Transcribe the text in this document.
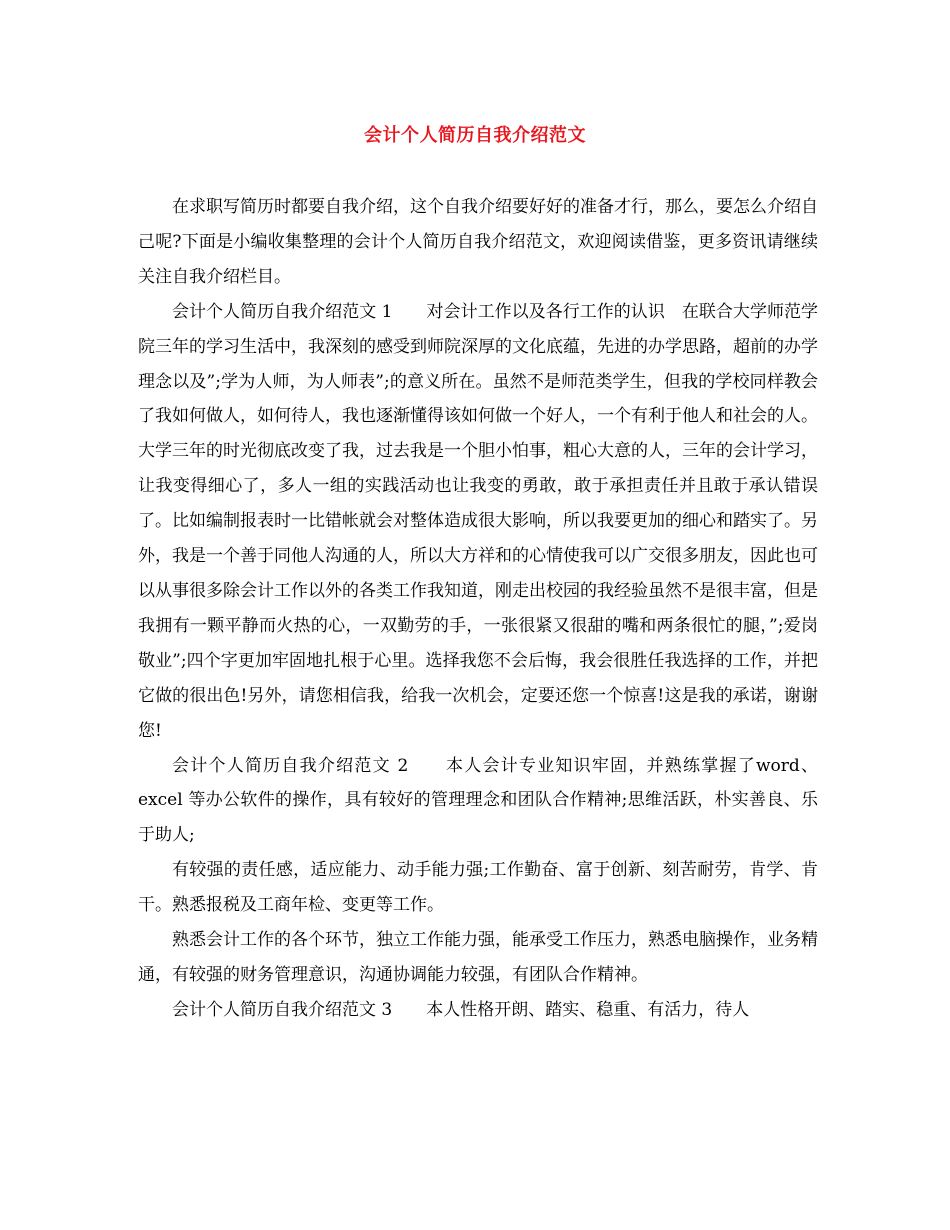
会计个人简历自我介绍范文

在求职写简历时都要自我介绍，这个自我介绍要好好的准备才行，那么，要怎么介绍自己呢?下面是小编收集整理的会计个人简历自我介绍范文，欢迎阅读借鉴，更多资讯请继续关注自我介绍栏目。

会计个人简历自我介绍范文 1　　对会计工作以及各行工作的认识　在联合大学师范学院三年的学习生活中，我深刻的感受到师院深厚的文化底蕴，先进的办学思路，超前的办学理念以及”;学为人师，为人师表”;的意义所在。虽然不是师范类学生，但我的学校同样教会了我如何做人，如何待人，我也逐渐懂得该如何做一个好人，一个有利于他人和社会的人。大学三年的时光彻底改变了我，过去我是一个胆小怕事，粗心大意的人，三年的会计学习，让我变得细心了，多人一组的实践活动也让我变的勇敢，敢于承担责任并且敢于承认错误了。比如编制报表时一比错帐就会对整体造成很大影响，所以我要更加的细心和踏实了。另外，我是一个善于同他人沟通的人，所以大方祥和的心情使我可以广交很多朋友，因此也可以从事很多除会计工作以外的各类工作我知道，刚走出校园的我经验虽然不是很丰富，但是我拥有一颗平静而火热的心，一双勤劳的手，一张很紧又很甜的嘴和两条很忙的腿，”;爱岗敬业”;四个字更加牢固地扎根于心里。选择我您不会后悔，我会很胜任我选择的工作，并把它做的很出色!另外，请您相信我，给我一次机会，定要还您一个惊喜!这是我的承诺，谢谢您!

会计个人简历自我介绍范文 2　　本人会计专业知识牢固，并熟练掌握了word、excel 等办公软件的操作，具有较好的管理理念和团队合作精神;思维活跃，朴实善良、乐于助人;

有较强的责任感，适应能力、动手能力强;工作勤奋、富于创新、刻苦耐劳，肯学、肯干。熟悉报税及工商年检、变更等工作。

熟悉会计工作的各个环节，独立工作能力强，能承受工作压力，熟悉电脑操作，业务精通，有较强的财务管理意识，沟通协调能力较强，有团队合作精神。

会计个人简历自我介绍范文 3　　本人性格开朗、踏实、稳重、有活力，待人
